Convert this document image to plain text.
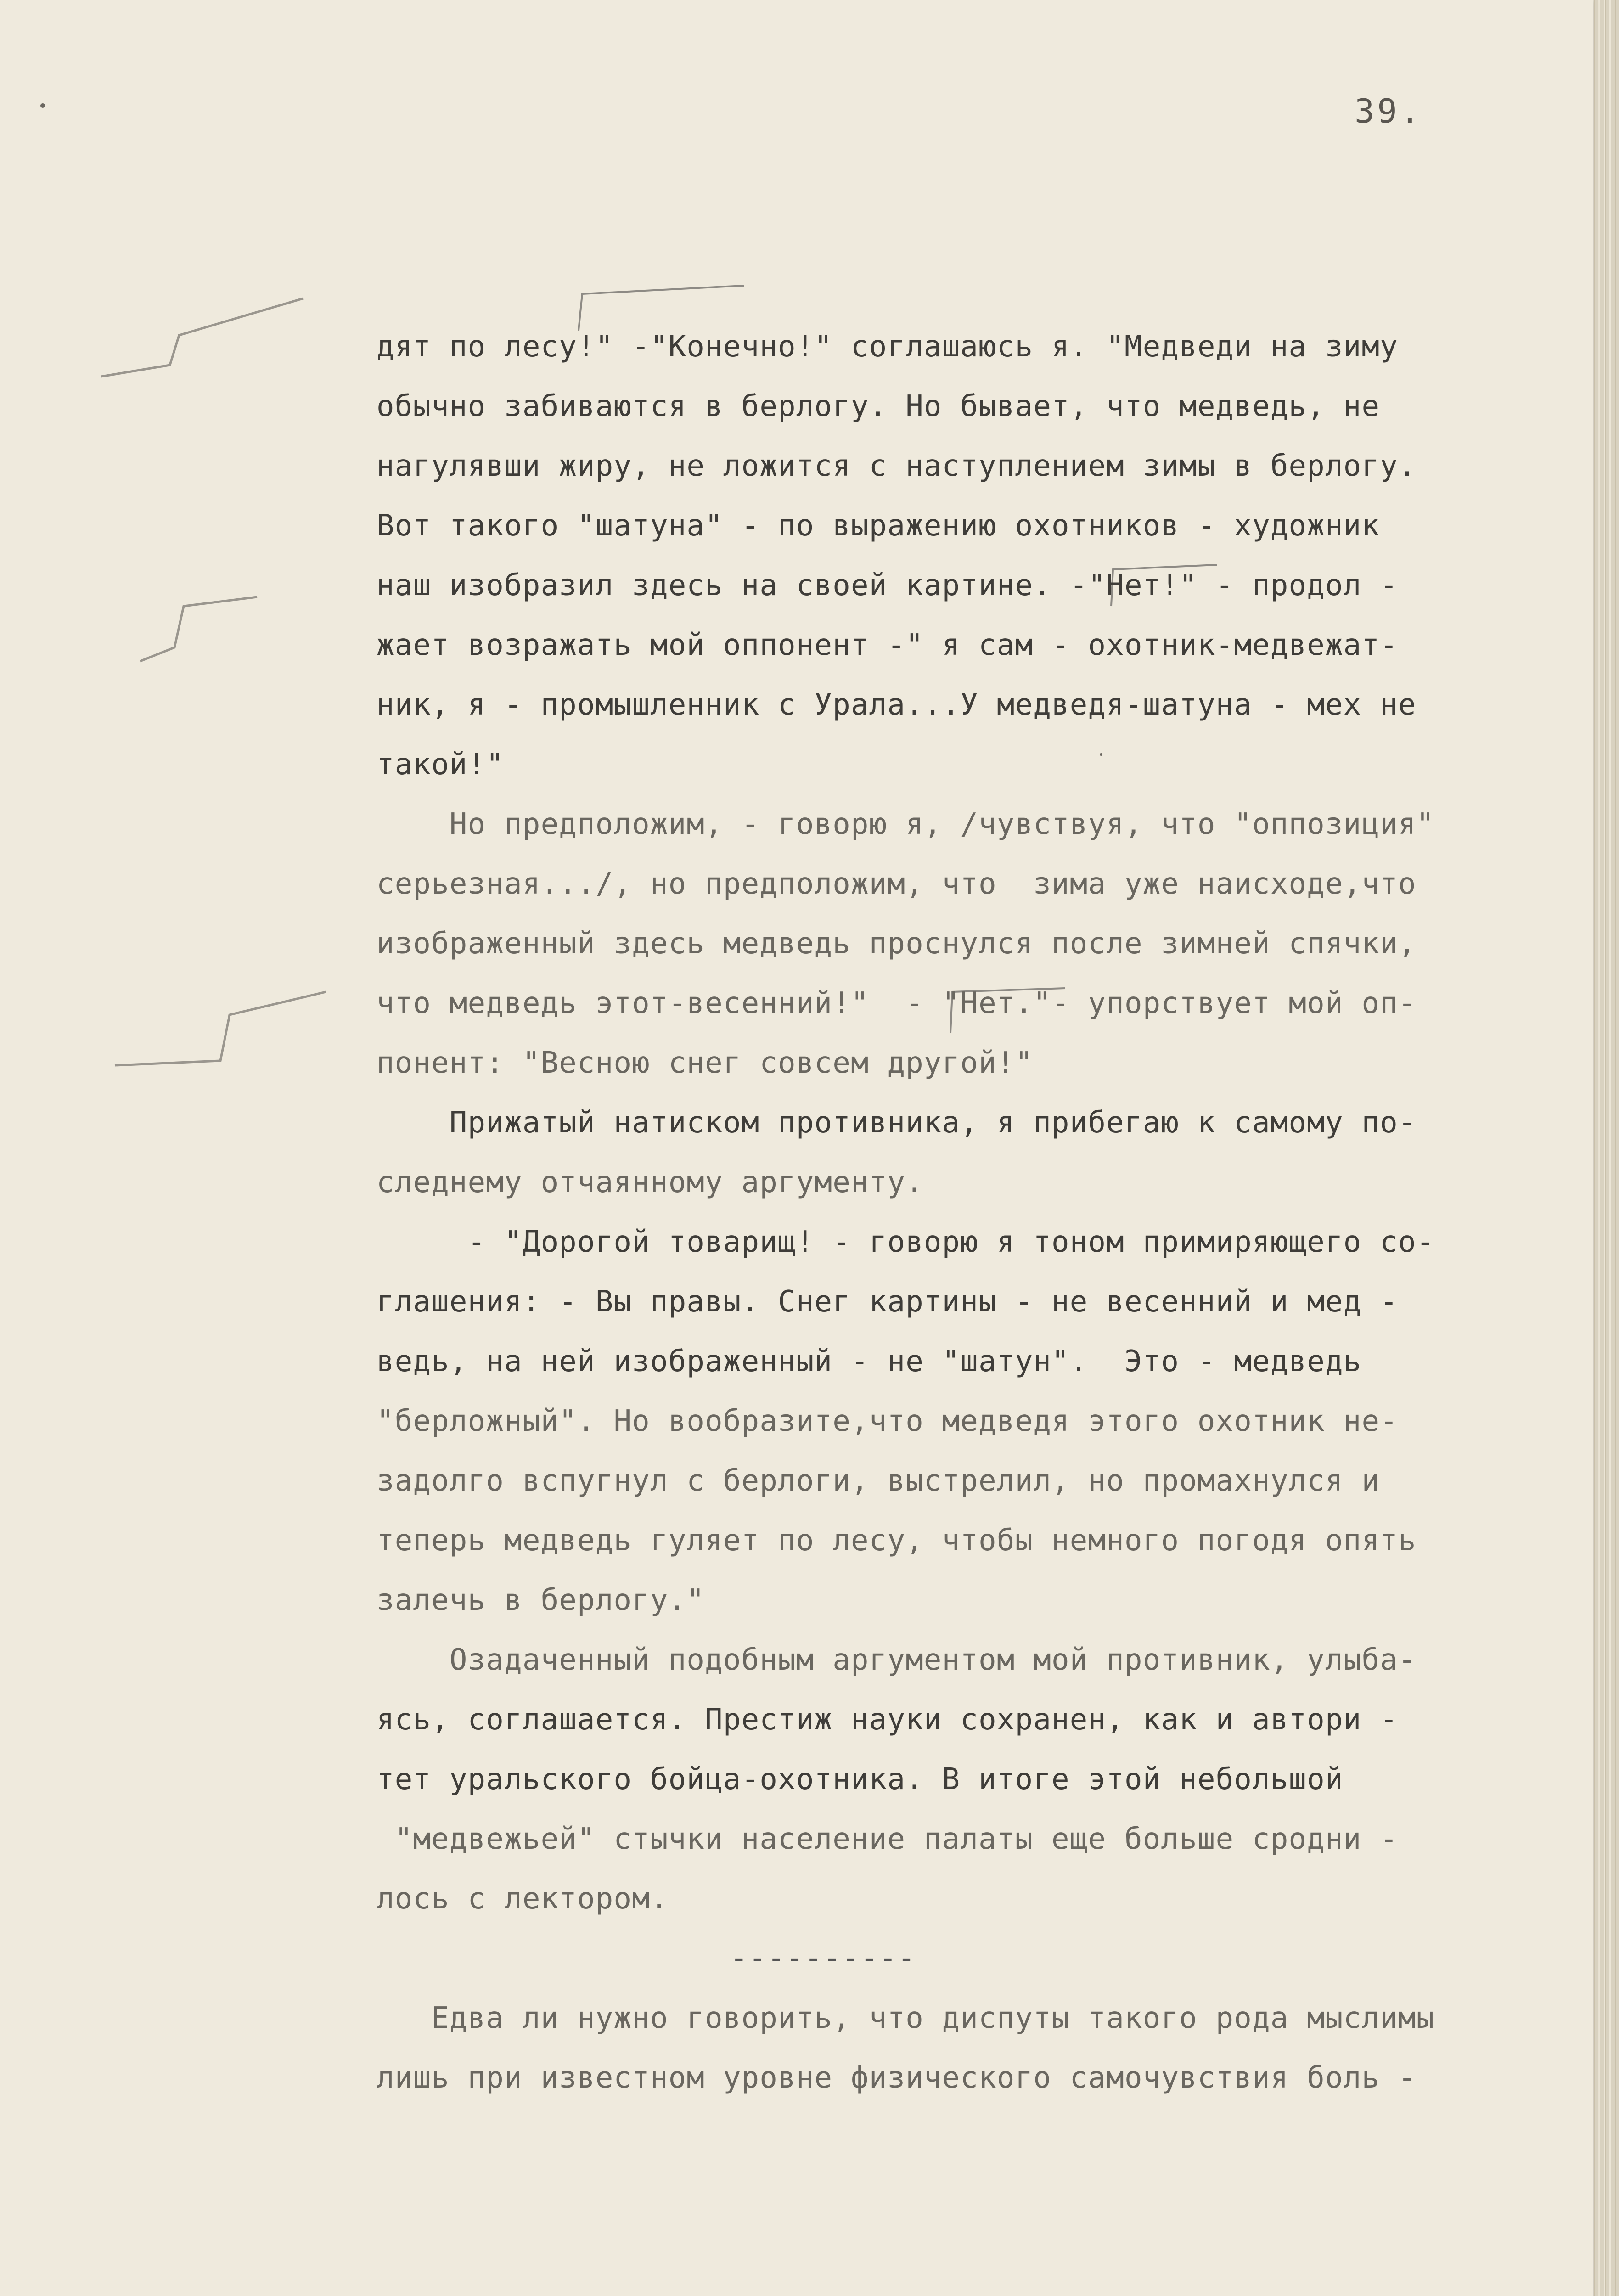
39.
дят по лесу!" -"Конечно!" соглашаюсь я. "Медведи на зиму
обычно забиваются в берлогу. Но бывает, что медведь, не
нагулявши жиру, не ложится с наступлением зимы в берлогу.
Вот такого "шатуна" - по выражению охотников - художник
наш изобразил здесь на своей картине. -"Нет!" - продол -
жает возражать мой оппонент -" я сам - охотник-медвежат-
ник, я - промышленник с Урала...У медведя-шатуна - мех не
такой!"
Но предположим, - говорю я, /чувствуя, что "оппозиция"
серьезная.../, но предположим, что  зима уже наисходе,что
изображенный здесь медведь проснулся после зимней спячки,
что медведь этот-весенний!"  - "Нет."- упорствует мой оп-
понент: "Весною снег совсем другой!"
Прижатый натиском противника, я прибегаю к самому по-
следнему отчаянному аргументу.
- "Дорогой товарищ! - говорю я тоном примиряющего со-
глашения: - Вы правы. Снег картины - не весенний и мед -
ведь, на ней изображенный - не "шатун".  Это - медведь
"берложный". Но вообразите,что медведя этого охотник не-
задолго вспугнул с берлоги, выстрелил, но промахнулся и
теперь медведь гуляет по лесу, чтобы немного погодя опять
залечь в берлогу."
Озадаченный подобным аргументом мой противник, улыба-
ясь, соглашается. Престиж науки сохранен, как и автори -
тет уральского бойца-охотника. В итоге этой небольшой
"медвежьей" стычки население палаты еще больше сродни -
лось с лектором.
----------
Едва ли нужно говорить, что диспуты такого рода мыслимы
лишь при известном уровне физического самочувствия боль -
